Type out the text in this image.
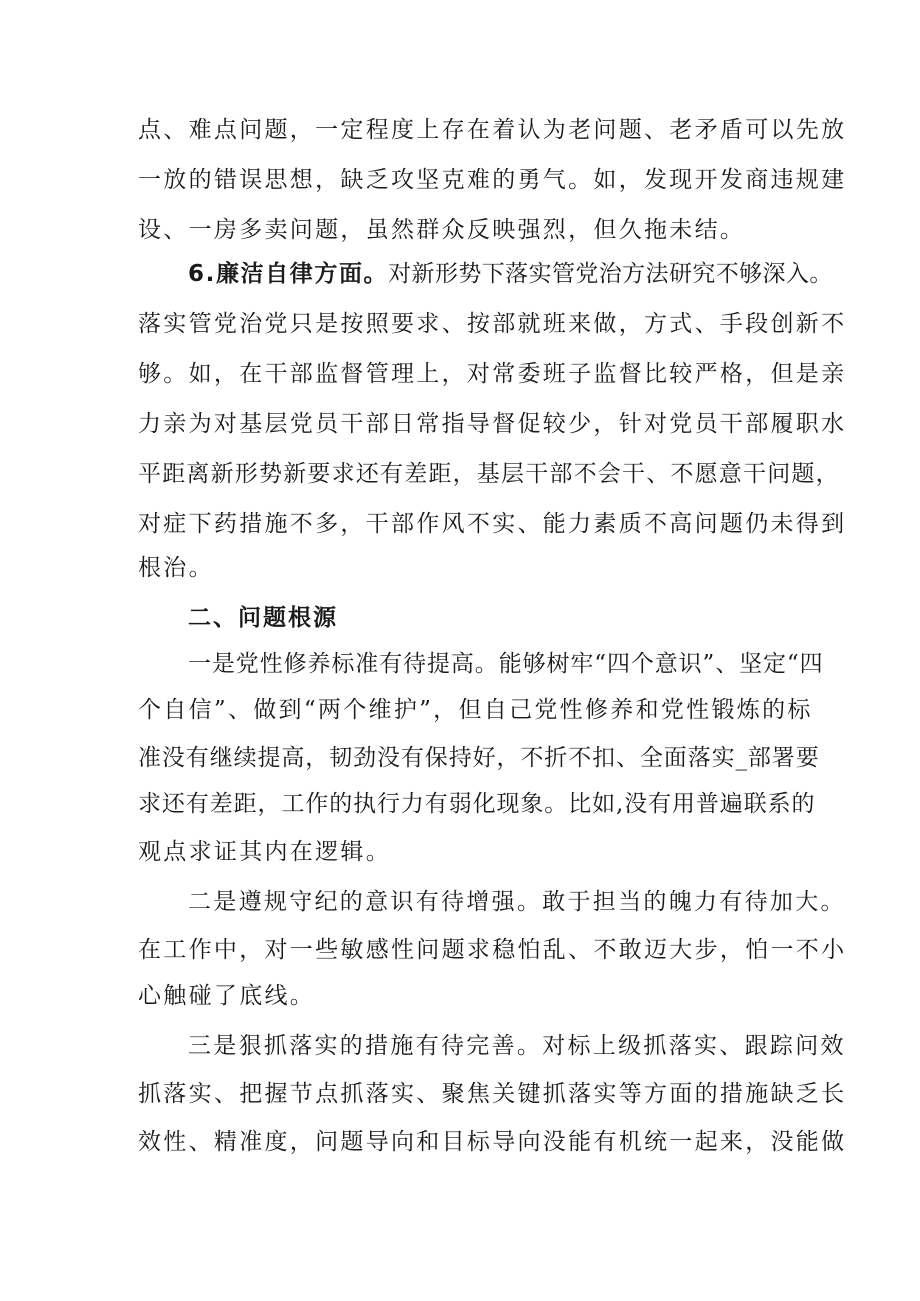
点、难点问题，一定程度上存在着认为老问题、老矛盾可以先放
一放的错误思想，缺乏攻坚克难的勇气。如，发现开发商违规建
设、一房多卖问题，虽然群众反映强烈，但久拖未结。
6.廉洁自律方面。对新形势下落实管党治方法研究不够深入。
落实管党治党只是按照要求、按部就班来做，方式、手段创新不
够。如，在干部监督管理上，对常委班子监督比较严格，但是亲
力亲为对基层党员干部日常指导督促较少，针对党员干部履职水
平距离新形势新要求还有差距，基层干部不会干、不愿意干问题，
对症下药措施不多，干部作风不实、能力素质不高问题仍未得到
根治。
二、问题根源
一是党性修养标准有待提高。能够树牢“四个意识”、坚定“四
个自信”、做到“两个维护”，但自己党性修养和党性锻炼的标
准没有继续提高，韧劲没有保持好，不折不扣、全面落实_部署要
求还有差距，工作的执行力有弱化现象。比如,没有用普遍联系的
观点求证其内在逻辑。
二是遵规守纪的意识有待增强。敢于担当的魄力有待加大。
在工作中，对一些敏感性问题求稳怕乱、不敢迈大步，怕一不小
心触碰了底线。
三是狠抓落实的措施有待完善。对标上级抓落实、跟踪问效
抓落实、把握节点抓落实、聚焦关键抓落实等方面的措施缺乏长
效性、精准度，问题导向和目标导向没能有机统一起来，没能做
